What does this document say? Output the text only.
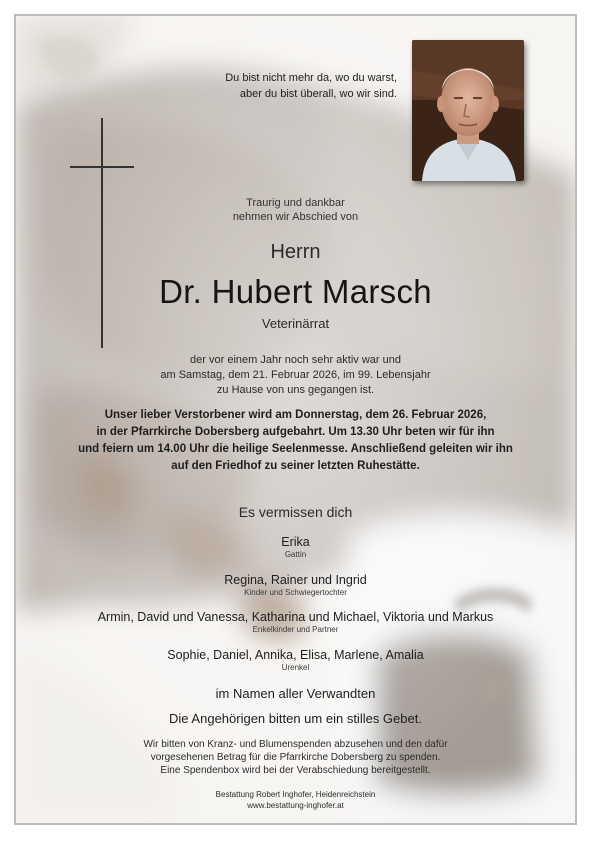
Du bist nicht mehr da, wo du warst,
aber du bist überall, wo wir sind.
Traurig und dankbar
nehmen wir Abschied von
Herrn
Dr. Hubert Marsch
Veterinärrat
der vor einem Jahr noch sehr aktiv war und
am Samstag, dem 21. Februar 2026, im 99. Lebensjahr
zu Hause von uns gegangen ist.
Unser lieber Verstorbener wird am Donnerstag, dem 26. Februar 2026,
in der Pfarrkirche Dobersberg aufgebahrt. Um 13.30 Uhr beten wir für ihn
und feiern um 14.00 Uhr die heilige Seelenmesse. Anschließend geleiten wir ihn
auf den Friedhof zu seiner letzten Ruhestätte.
Es vermissen dich
Erika
Gattin
Regina, Rainer und Ingrid
Kinder und Schwiegertochter
Armin, David und Vanessa, Katharina und Michael, Viktoria und Markus
Enkelkinder und Partner
Sophie, Daniel, Annika, Elisa, Marlene, Amalia
Urenkel
im Namen aller Verwandten
Die Angehörigen bitten um ein stilles Gebet.
Wir bitten von Kranz- und Blumenspenden abzusehen und den dafür
vorgesehenen Betrag für die Pfarrkirche Dobersberg zu spenden.
Eine Spendenbox wird bei der Verabschiedung bereitgestellt.
Bestattung Robert Inghofer, Heidenreichstein
www.bestattung-inghofer.at
